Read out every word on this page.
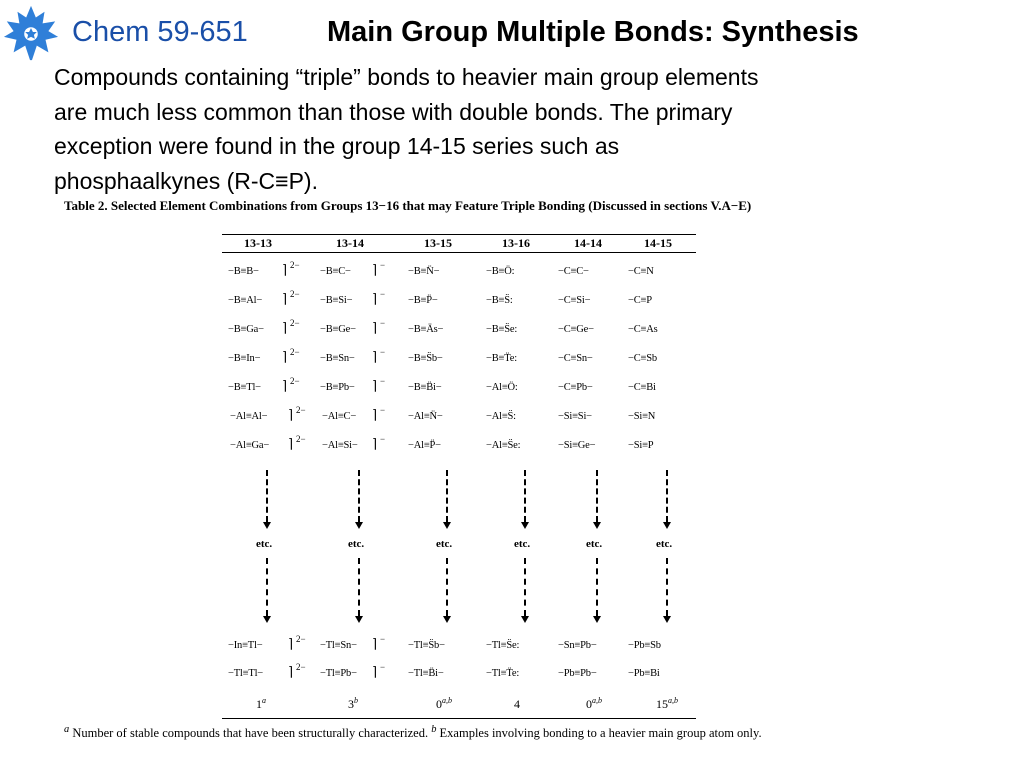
Chem 59-651	Main Group Multiple Bonds: Synthesis
Compounds containing “triple” bonds to heavier main group elements
are much less common than those with double bonds. The primary
exception were found in the group 14-15 series such as
phosphaalkynes (R-C≡P).
Table 2. Selected Element Combinations from Groups 13−16 that may Feature Triple Bonding (Discussed in sections V.A−E)
13-13
−B≡B− ⌉ 2−
−B≡Al− ⌉ 2−
−B≡Ga− ⌉ 2−
−B≡In− ⌉ 2−
−B≡Tl− ⌉ 2−
−Al≡Al− ⌉ 2−
−Al≡Ga− ⌉ 2−
etc.
−In≡Tl−
2−
⌉
−Tl≡Tl−
2−
⌉
1$^a$
13-14
−B≡C− ⌉ −
−B≡Si− ⌉ −
−B≡Ge− ⌉ −
−B≡Sn− ⌉ −
−B≡Pb− ⌉ −
−Al≡C− ⌉ −
−Al≡Si− ⌉ −
etc.
−Tl≡Sn−
−
⌉
−Tl≡Pb−
−
⌉
3$^b$
13-15
−B≡N̈−
−B≡P̈−
−B≡Äs−
−B≡S̈b−
−B≡B̈i−
−Al≡N̈−
−Al≡P̈−
etc.
−Tl≡S̈b−
−Tl≡B̈i−
$0^{a,b}$
13-16
−B≡Ö:
−B≡S̈:
−B≡S̈e:
−B≡T̈e:
−Al≡Ö:
−Al≡S̈:
−Al≡S̈e:
etc.
−Tl≡S̈e:
−Tl≡T̈e:
4
14-14
−C≡C−
−C≡Si−
−C≡Ge−
−C≡Sn−
−C≡Pb−
−Si≡Si−
−Si≡Ge−
etc.
−Sn≡Pb−
−Pb≡Pb−
$0^{a,b}$
14-15
−C≡N
−C≡P
−C≡As
−C≡Sb
−C≡Bi
−Si≡N
−Si≡P
etc.
−Pb≡Sb
−Pb≡Bi
15$^{a,b}$
$^a$ Number of stable compounds that have been structurally characterized. $^b$ Examples involving bonding to a heavier main group atom only.
